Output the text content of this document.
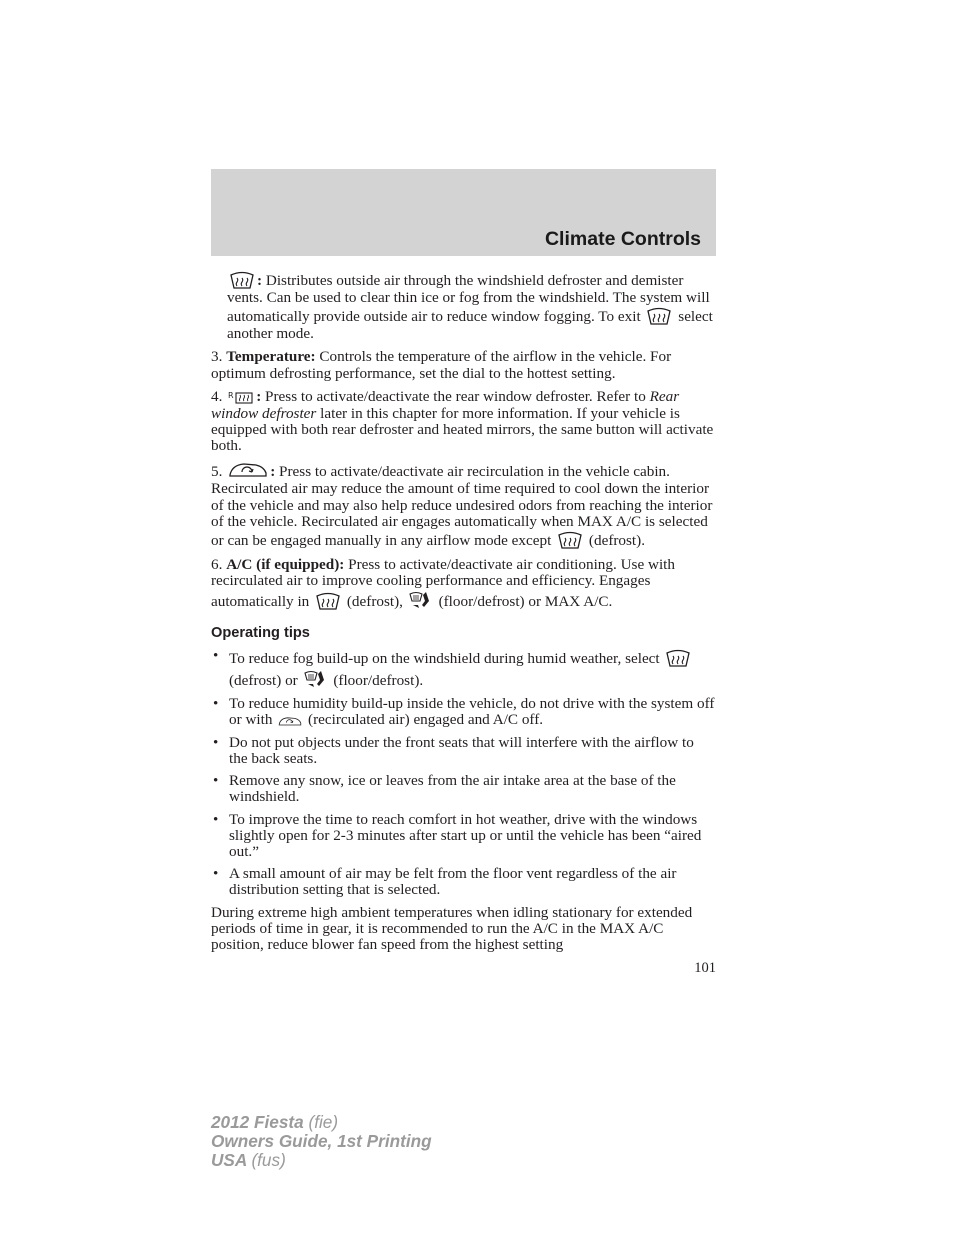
Climate Controls

: Distributes outside air through the windshield defroster and demister vents. Can be used to clear thin ice or fog from the windshield. The system will automatically provide outside air to reduce window fogging. To exit select another mode.

3. Temperature: Controls the temperature of the airflow in the vehicle. For optimum defrosting performance, set the dial to the hottest setting.

4. : Press to activate/deactivate the rear window defroster. Refer to Rear window defroster later in this chapter for more information. If your vehicle is equipped with both rear defroster and heated mirrors, the same button will activate both.

5.	: Press to activate/deactivate air recirculation in the vehicle cabin. Recirculated air may reduce the amount of time required to cool down the interior of the vehicle and may also help reduce undesired odors from reaching the interior of the vehicle. Recirculated air engages automatically when MAX A/C is selected or can be engaged manually in any airflow mode except (defrost).

6. A/C (if equipped): Press to activate/deactivate air conditioning. Use with recirculated air to improve cooling performance and efficiency. Engages automatically in (defrost), (floor/defrost) or MAX A/C.

Operating tips
• To reduce fog build-up on the windshield during humid weather, select  (defrost) or (floor/defrost).
• To reduce humidity build-up inside the vehicle, do not drive with the system off or with (recirculated air) engaged and A/C off.
• Do not put objects under the front seats that will interfere with the airflow to the back seats.
• Remove any snow, ice or leaves from the air intake area at the base of the windshield.
• To improve the time to reach comfort in hot weather, drive with the windows slightly open for 2-3 minutes after start up or until the vehicle has been “aired out.”
• A small amount of air may be felt from the floor vent regardless of the air distribution setting that is selected.

During extreme high ambient temperatures when idling stationary for extended periods of time in gear, it is recommended to run the A/C in the MAX A/C position, reduce blower fan speed from the highest setting

101
2012 Fiesta (fie)
Owners Guide, 1st Printing
USA (fus)
